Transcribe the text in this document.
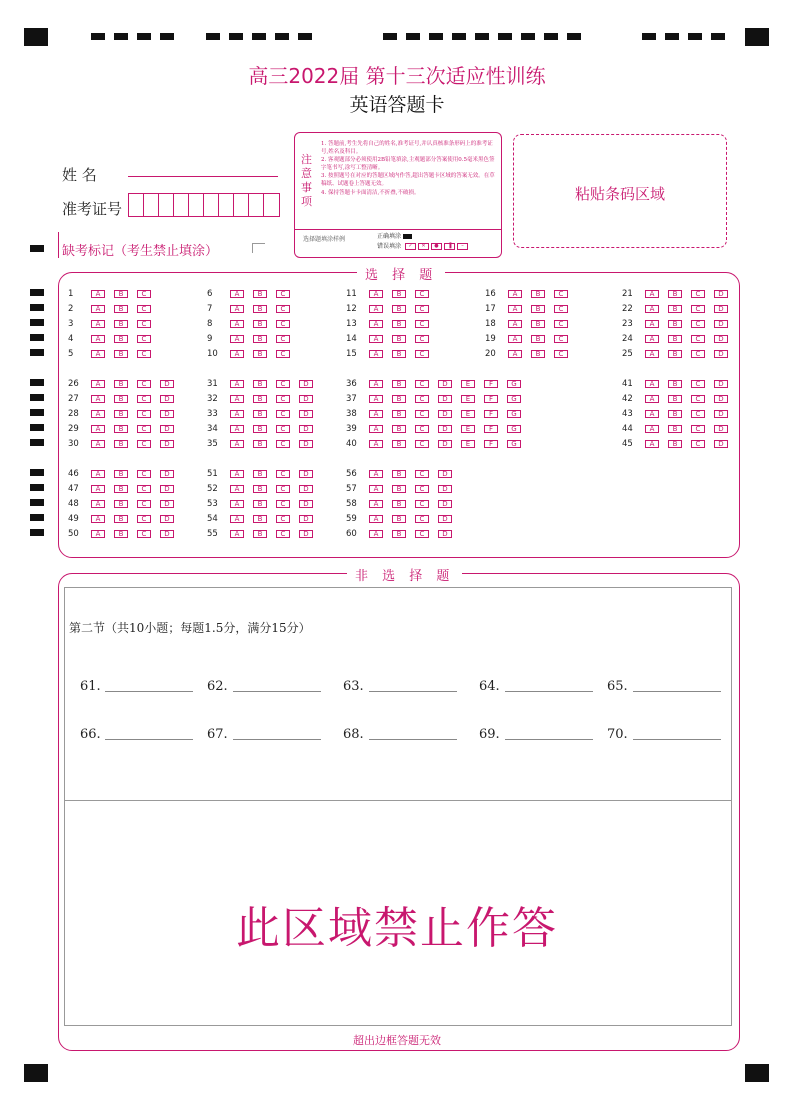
高三2022届 第十三次适应性训练
英语答题卡
姓 名
准考证号
注意事项
1. 答题前,考生先将自己的姓名,准考证号,并认真核准条形码上的准考证号,姓名及科目。
2. 客观题部分必须使用2B铅笔填涂,主观题部分答案使用0.5毫米黑色签字笔书写,涂写工整清晰。
3. 按照题号在对应的答题区域内作答,超出答题卡区域的答案无效。在草稿纸、试题卷上答题无效。
4. 保持答题卡卡面清洁,不折叠,不破损。
选择题填涂样例	正确填涂
错误填涂 ✓ ✕ ● ▐ –
粘贴条码区域
缺考标记（考生禁止填涂）
选 择 题
1	A	B	C
2	A	B	C
3	A	B	C
4	A	B	C
5	A	B	C
6	A	B	C
7	A	B	C
8	A	B	C
9	A	B	C
10	A	B	C
11	A	B	C
12	A	B	C
13	A	B	C
14	A	B	C
15	A	B	C
16	A	B	C
17	A	B	C
18	A	B	C
19	A	B	C
20	A	B	C
21	A	B	C	D
22	A	B	C	D
23	A	B	C	D
24	A	B	C	D
25	A	B	C	D
26	A	B	C	D
27	A	B	C	D
28	A	B	C	D
29	A	B	C	D
30	A	B	C	D
31	A	B	C	D
32	A	B	C	D
33	A	B	C	D
34	A	B	C	D
35	A	B	C	D
36	A	B	C	D	E	F	G
37	A	B	C	D	E	F	G
38	A	B	C	D	E	F	G
39	A	B	C	D	E	F	G
40	A	B	C	D	E	F	G
41	A	B	C	D
42	A	B	C	D
43	A	B	C	D
44	A	B	C	D
45	A	B	C	D
46	A	B	C	D
47	A	B	C	D
48	A	B	C	D
49	A	B	C	D
50	A	B	C	D
51	A	B	C	D
52	A	B	C	D
53	A	B	C	D
54	A	B	C	D
55	A	B	C	D
56	A	B	C	D
57	A	B	C	D
58	A	B	C	D
59	A	B	C	D
60	A	B	C	D
非 选 择 题
第二节（共10小题；每题1.5分，满分15分）
61.	62.	63.	64.	65.
66.	67.	68.	69.	70.
此区域禁止作答
超出边框答题无效
